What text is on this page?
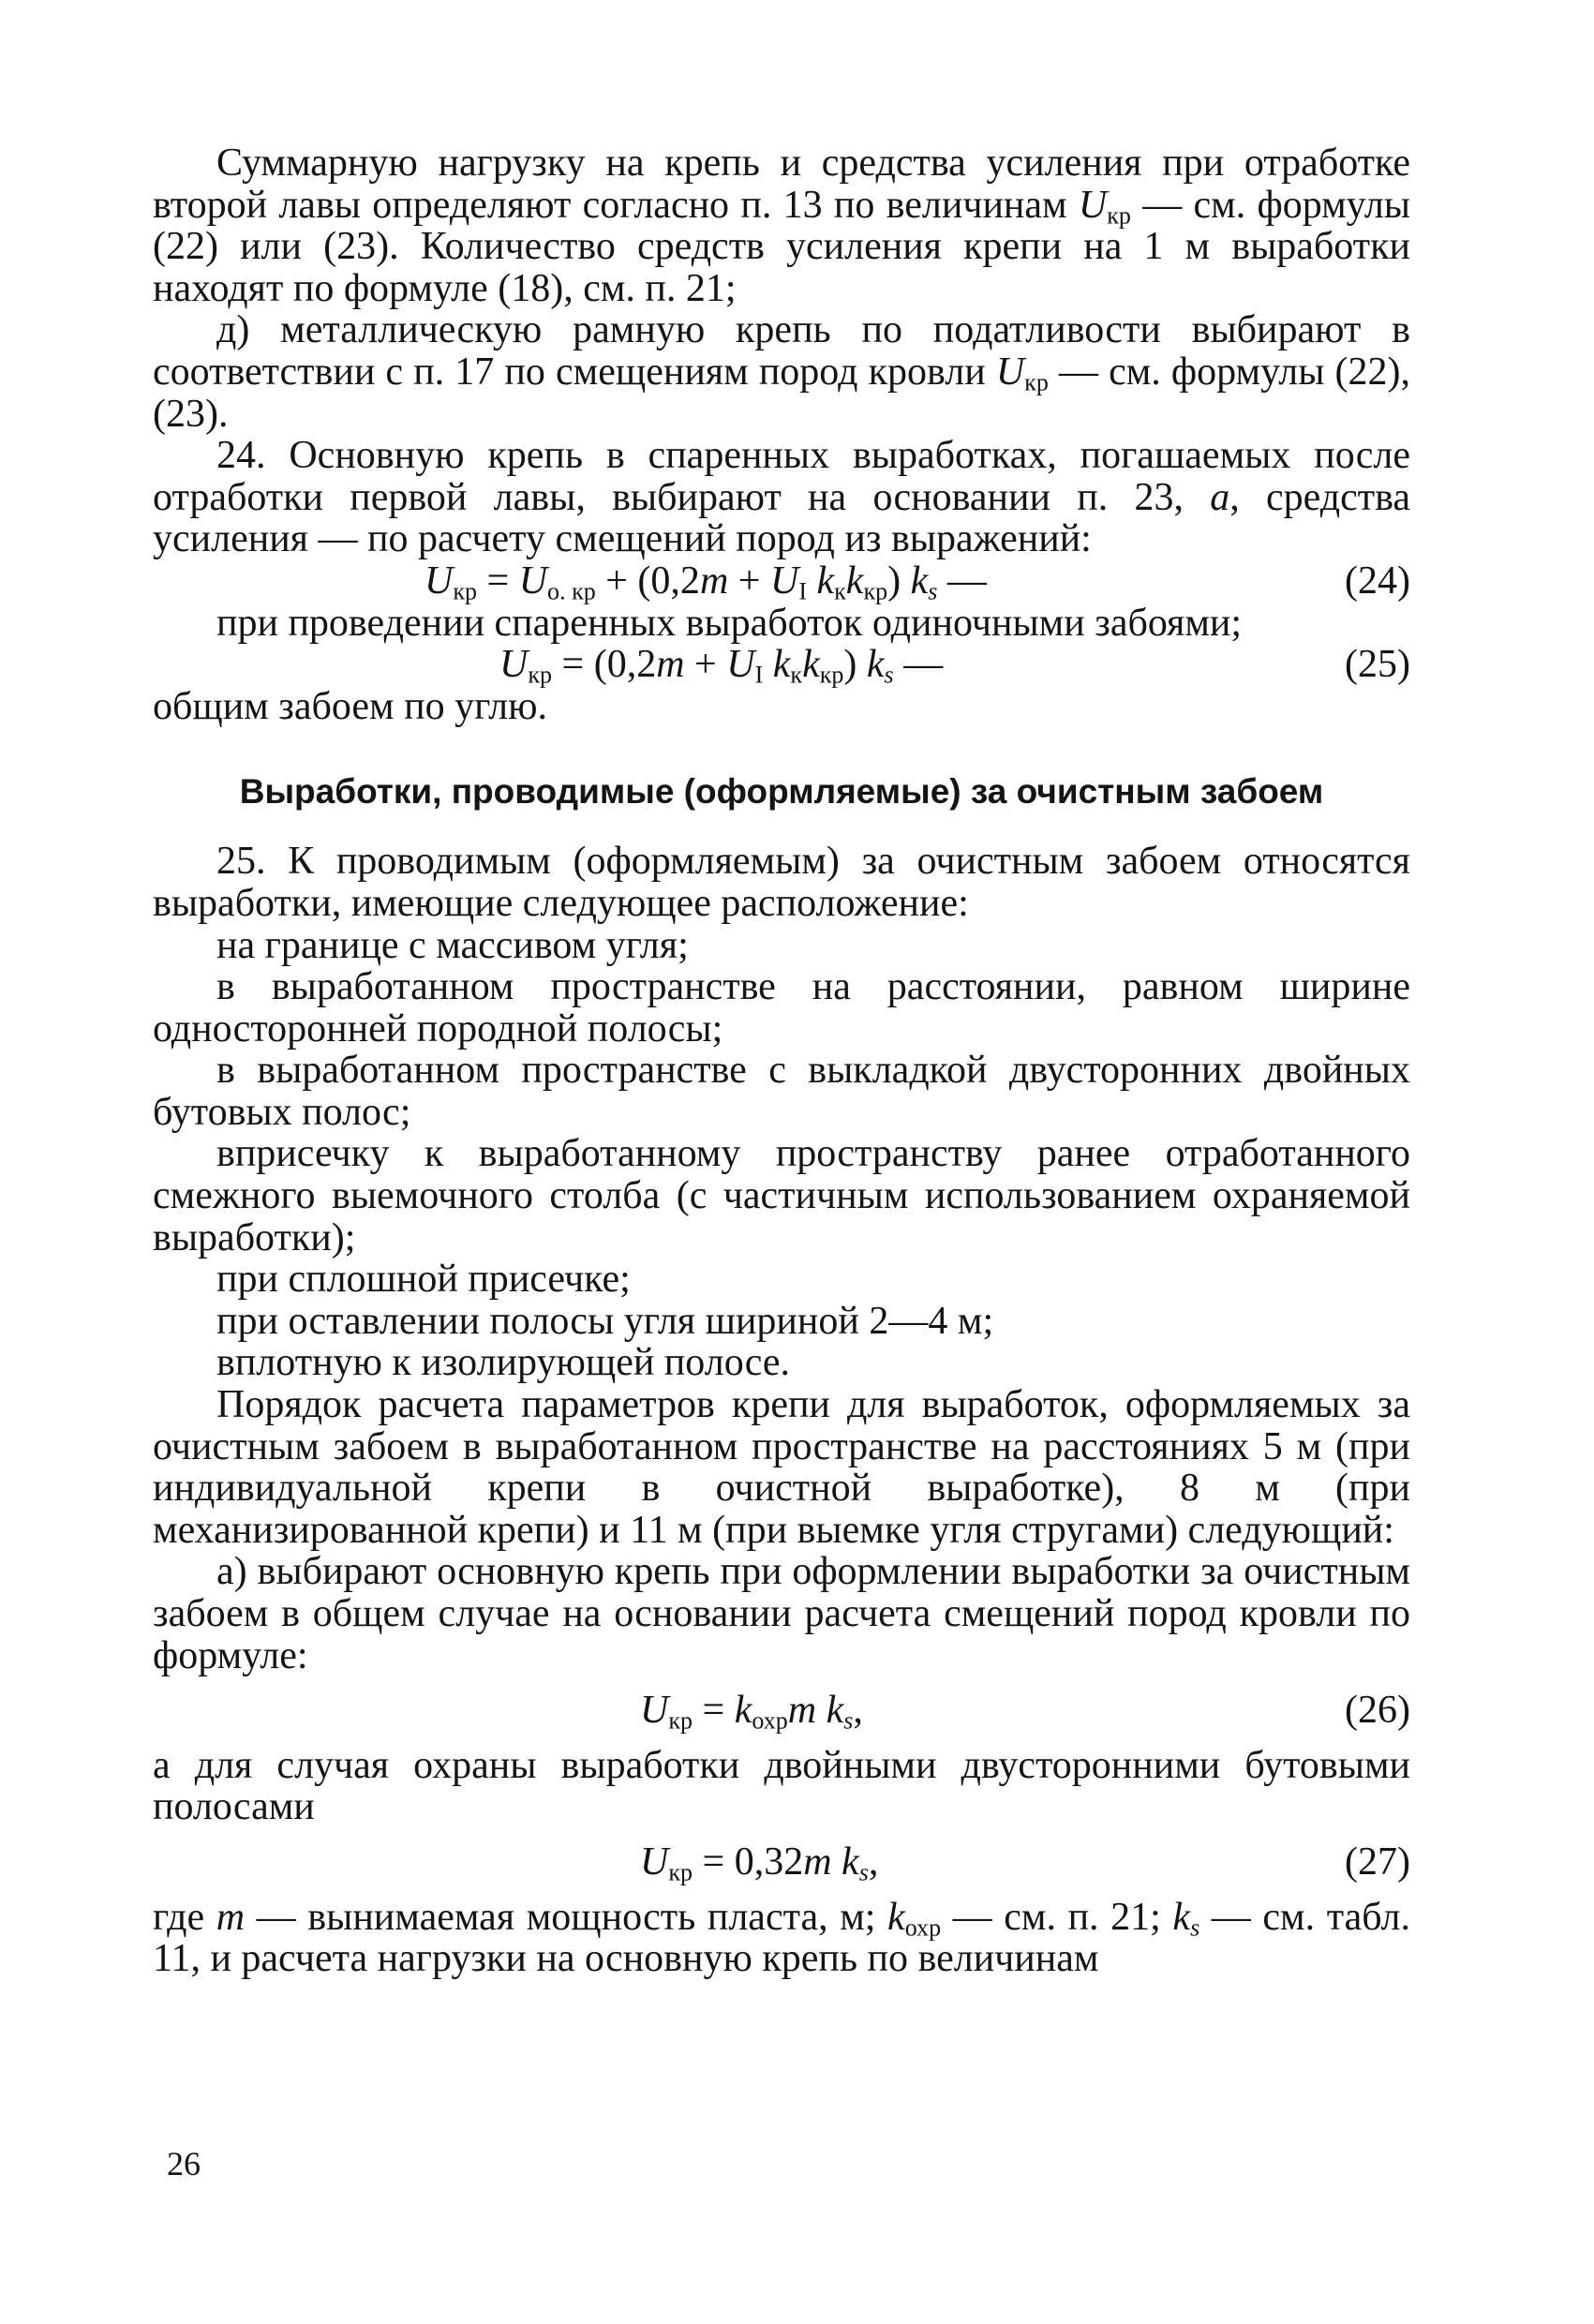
Суммарную нагрузку на крепь и средства усиления при отработке второй лавы определяют согласно п. 13 по величинам $U_{кр}$ — см. формулы (22) или (23). Количество средств усиления крепи на 1 м выработки находят по формуле (18), см. п. 21;

д) металлическую рамную крепь по податливости выбирают в соответствии с п. 17 по смещениям пород кровли $U_{кр}$ — см. формулы (22), (23).

24. Основную крепь в спаренных выработках, погашаемых после отработки первой лавы, выбирают на основании п. 23, а, средства усиления — по расчету смещений пород из выражений:

$U_{кр} = U_{о. кр} + (0,2m + U_I$ $k_кk_{кр}$) $k_s$ —	(24)

при проведении спаренных выработок одиночными забоями;

$U_{кр} = (0,2m + U_I$ $k_кk_{кр}$) $k_s$ —	(25)

общим забоем по углю.

Выработки, проводимые (оформляемые) за очистным забоем

25. К проводимым (оформляемым) за очистным забоем относятся выработки, имеющие следующее расположение:

на границе с массивом угля;

в выработанном пространстве на расстоянии, равном ширине односторонней породной полосы;

в выработанном пространстве с выкладкой двусторонних двойных бутовых полос;

вприсечку к выработанному пространству ранее отработанного смежного выемочного столба (с частичным использованием охраняемой выработки);

при сплошной присечке;

при оставлении полосы угля шириной 2—4 м;

вплотную к изолирующей полосе.

Порядок расчета параметров крепи для выработок, оформляемых за очистным забоем в выработанном пространстве на расстояниях 5 м (при индивидуальной крепи в очистной выработке), 8 м (при механизированной крепи) и 11 м (при выемке угля стругами) следующий:

а) выбирают основную крепь при оформлении выработки за очистным забоем в общем случае на основании расчета смещений пород кровли по формуле:

$U_{кр} = k_{охр}m$ $k_s$,	(26)

а для случая охраны выработки двойными двусторонними бутовыми полосами

$U_{кр} = 0,32m$ $k_s$,	(27)

где m — вынимаемая мощность пласта, м; $k_{охр}$ — см. п. 21; $k_s$ — см. табл. 11, и расчета нагрузки на основную крепь по величинам

26
